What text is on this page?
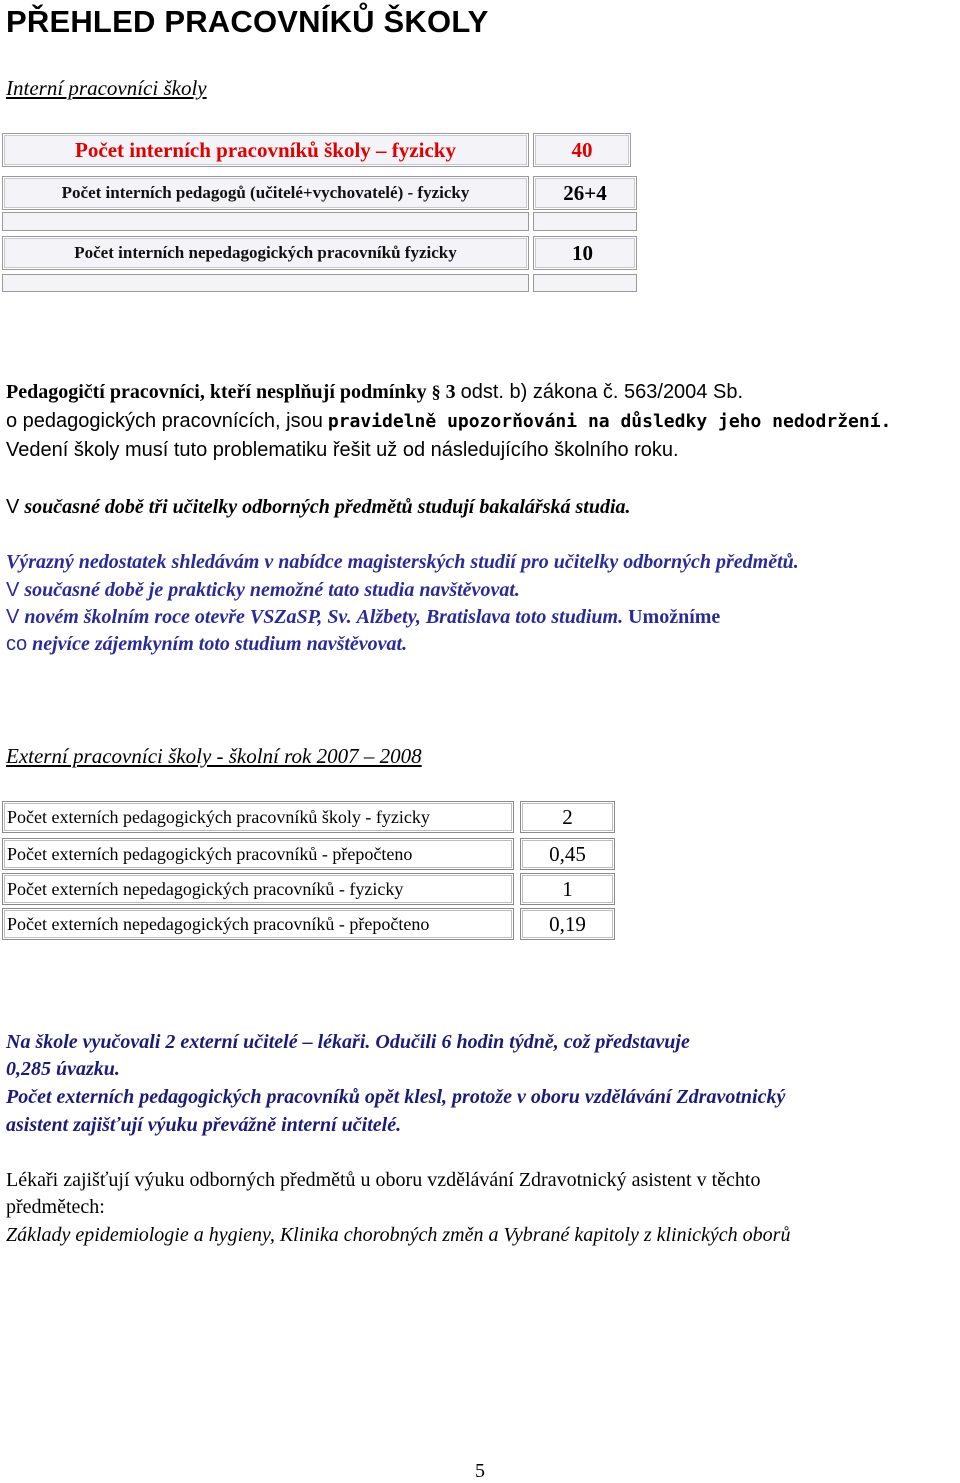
PŘEHLED PRACOVNÍKŮ ŠKOLY
Interní pracovníci školy
Počet interních pracovníků školy – fyzicky	40
Počet interních pedagogů (učitelé+vychovatelé) - fyzicky	26+4
Počet interních nepedagogických pracovníků fyzicky	10
Pedagogičtí pracovníci, kteří nesplňují podmínky § 3 odst. b) zákona č. 563/2004 Sb.
o pedagogických pracovnících, jsou pravidelně upozorňováni na důsledky jeho nedodržení.
Vedení školy musí tuto problematiku řešit už od následujícího školního roku.
V současné době tři učitelky odborných předmětů studují bakalářská studia.
Výrazný nedostatek shledávám v nabídce magisterských studií pro učitelky odborných předmětů.
V současné době je prakticky nemožné tato studia navštěvovat.
V novém školním roce otevře VSZaSP, Sv. Alžbety, Bratislava toto studium. Umožníme
co nejvíce zájemkyním toto studium navštěvovat.
Externí pracovníci školy - školní rok 2007 – 2008
Počet externích pedagogických pracovníků školy - fyzicky	2
Počet externích pedagogických pracovníků - přepočteno	0,45
Počet externích nepedagogických pracovníků - fyzicky	1
Počet externích nepedagogických pracovníků - přepočteno	0,19
Na škole vyučovali 2 externí učitelé – lékaři. Odučili 6 hodin týdně, což představuje
0,285 úvazku.
Počet externích pedagogických pracovníků opět klesl, protože v oboru vzdělávání Zdravotnický
asistent zajišťují výuku převážně interní učitelé.
Lékaři zajišťují výuku odborných předmětů u oboru vzdělávání Zdravotnický asistent v těchto
předmětech:
Základy epidemiologie a hygieny, Klinika chorobných změn a Vybrané kapitoly z klinických oborů
5
